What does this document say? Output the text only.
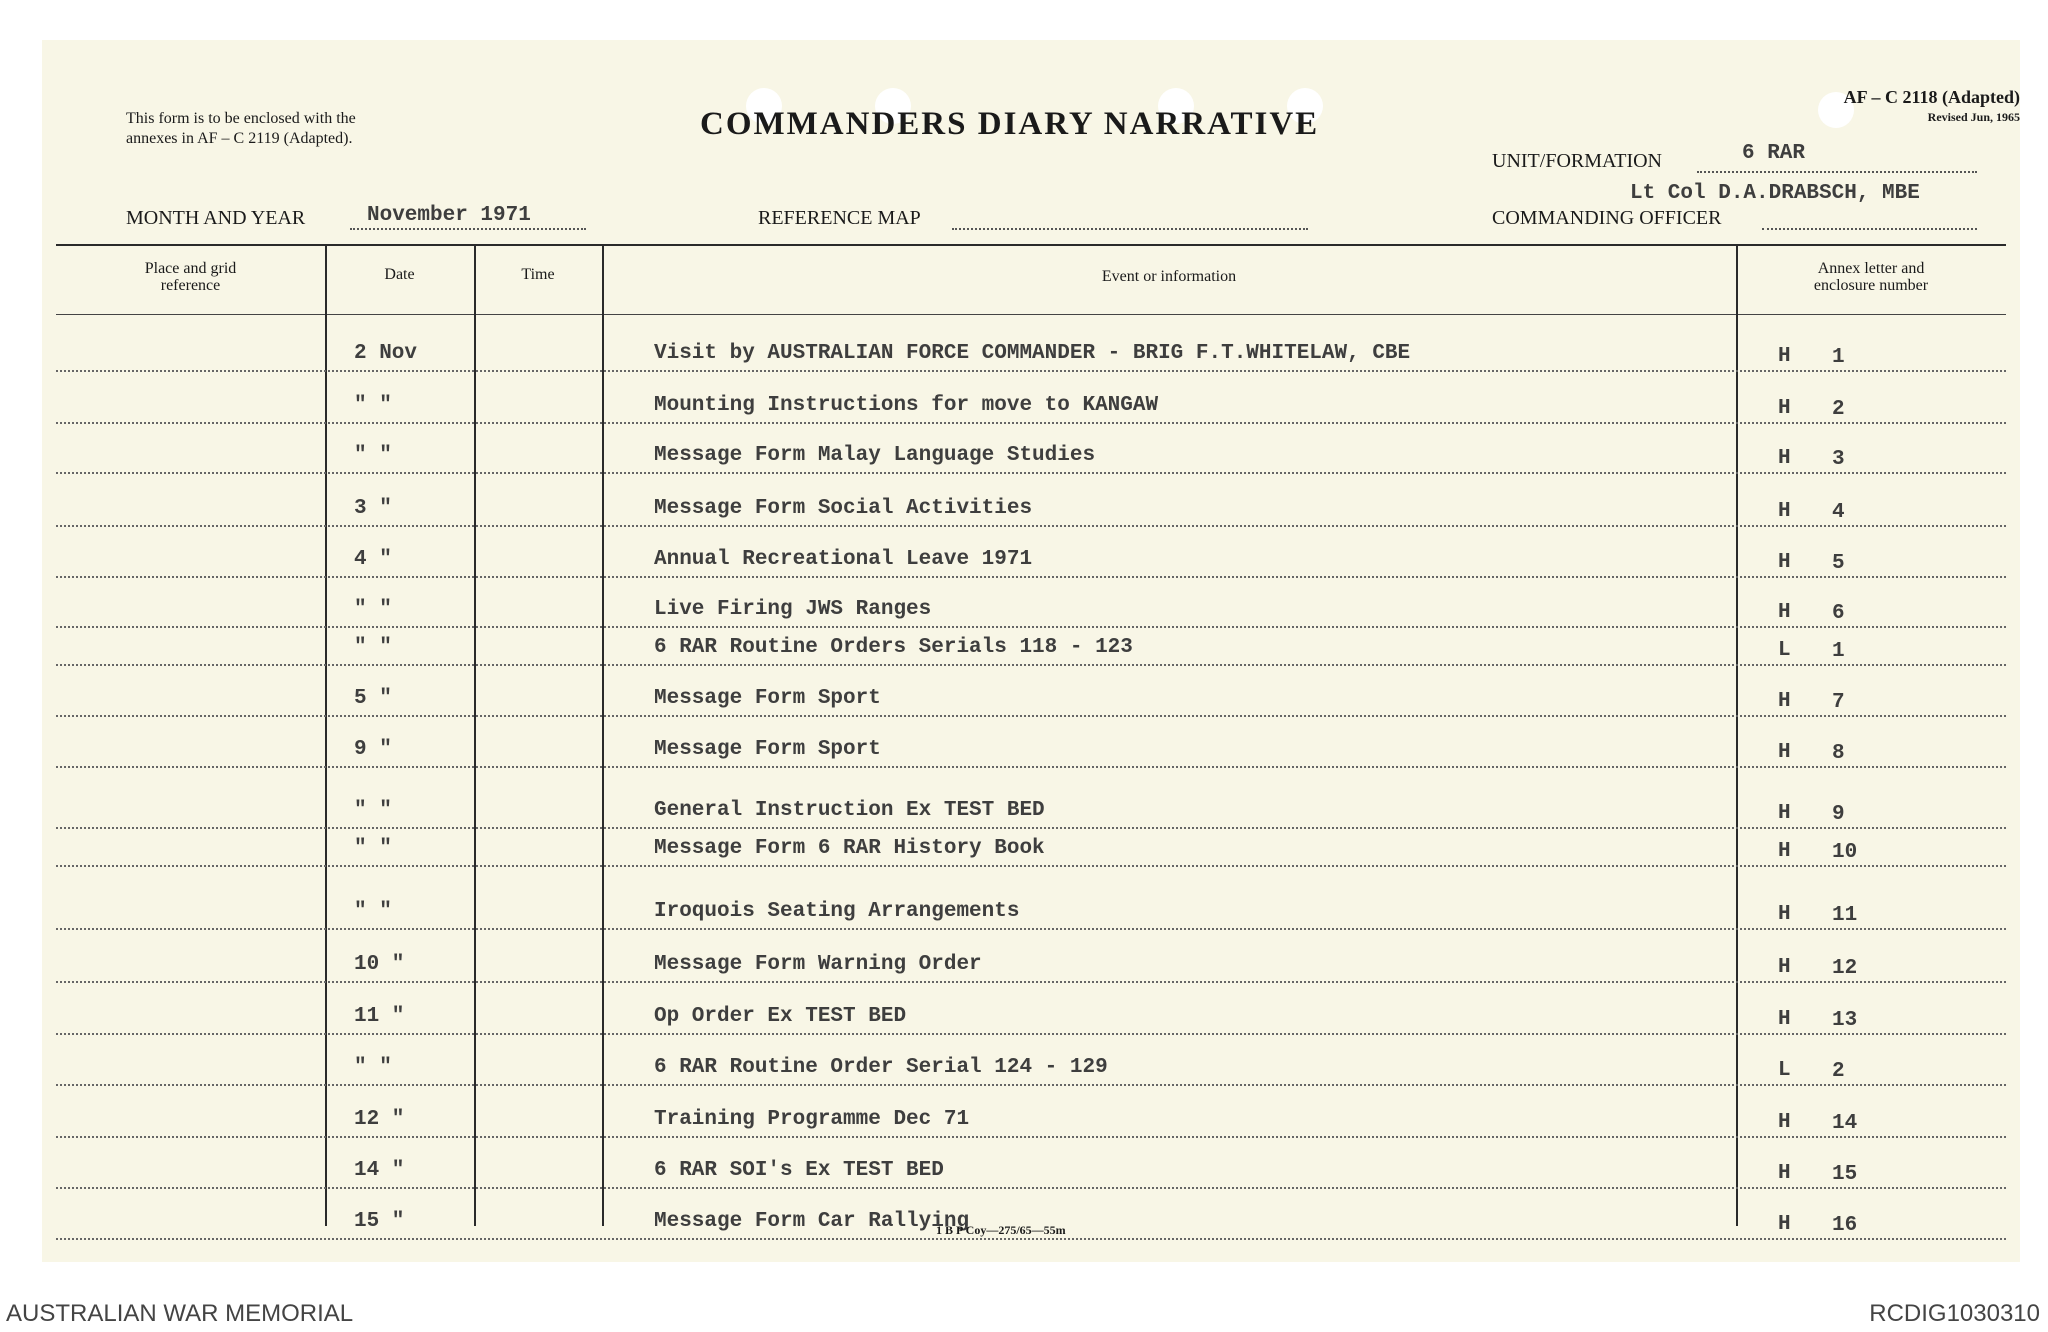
This form is to be enclosed with the
annexes in AF – C 2119 (Adapted).	COMMANDERS DIARY NARRATIVE
AF – C 2118 (Adapted)
Revised Jun, 1965
UNIT/FORMATION	6 RAR
MONTH AND YEAR	November 1971	REFERENCE MAP
Lt Col D.A.DRABSCH, MBE
COMMANDING OFFICER
Place and grid
reference
Date	Time	Event or information	Annex letter and
enclosure number
2 Nov	Visit by AUSTRALIAN FORCE COMMANDER - BRIG F.T.WHITELAW, CBE	H 1
" "	Mounting Instructions for move to KANGAW	H 2
" "	Message Form Malay Language Studies	H 3
3 "	Message Form Social Activities	H 4
4 "	Annual Recreational Leave 1971	H 5
" "	Live Firing JWS Ranges	H 6
" "	6 RAR Routine Orders Serials 118 - 123	L 1
5 "	Message Form Sport	H 7
9 "	Message Form Sport	H 8
" "	General Instruction Ex TEST BED	H 9
" "	Message Form 6 RAR History Book	H 10
" "	Iroquois Seating Arrangements	H 11
10 "	Message Form Warning Order	H 12
11 "	Op Order Ex TEST BED	H 13
" "	6 RAR Routine Order Serial 124 - 129	L 2
12 "	Training Programme Dec 71	H 14
14 "	6 RAR SOI's Ex TEST BED	H 15
15 "	Message Form Car Rallying	H 16
1 B P Coy—275/65—55m
AUSTRALIAN WAR MEMORIAL	RCDIG1030310
